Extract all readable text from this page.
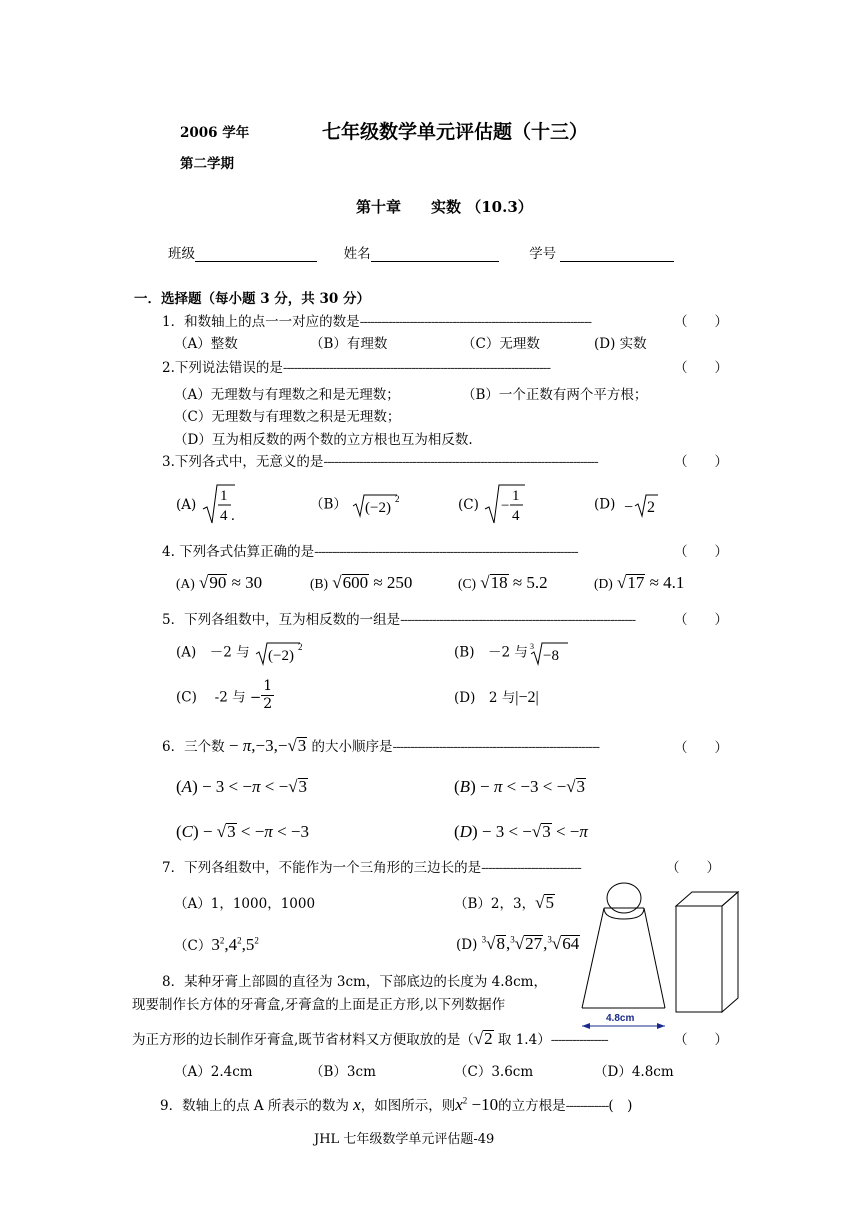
2006 学年
第二学期
七年级数学单元评估题（十三）
第十章　　实数 （10.3）
班级	姓名	学号
一．选择题（每小题 3 分，共 30 分）
1．和数轴上的点一一对应的数是-----------------------------------------------------------------	（　　）
（A）整数	（B）有理数	（C）无理数	(D) 实数
2.下列说法错误的是---------------------------------------------------------------------------	（　　）
（A）无理数与有理数之和是无理数；	（B）一个正数有两个平方根；
（C）无理数与有理数之积是无理数；
（D）互为相反数的两个数的立方根也互为相反数.
3.下列各式中，无意义的是-----------------------------------------------------------------------------	（　　）
(A)
1
4 .
（B） (−2)
2	(C) −
1
4
(D) − 2
4. 下列各式估算正确的是--------------------------------------------------------------------------	（　　）
(A) √90 ≈ 30	(B) √600 ≈ 250	(C) √18 ≈ 5.2	(D) √17 ≈ 4.1
5．下列各组数中，互为相反数的一组是------------------------------------------------------------------	（　　）
(A)　－2 与 (−2)
2	(B)　－2 与 3
−8
(C)　 -2 与 − $\frac{1}{2}$	(D)　2 与|−2|
6．三个数 − π,−3,−√3 的大小顺序是----------------------------------------------------------	（　　）
(A) − 3 < −π < −√3	(B) − π < −3 < −√3
(C) − √3 < −π < −3	(D) − 3 < −√3 < −π
7．下列各组数中，不能作为一个三角形的三边长的是----------------------------	（　　）
（A）1，1000，1000	（B）2，3，√5
$(C)3^2,4^2,5^2$	(D) $^3$√8,$^3$√27,$^3$√64
4.8cm
8．某种牙膏上部圆的直径为 3cm，下部底边的长度为 4.8cm，
现要制作长方体的牙膏盒,牙膏盒的上面是正方形,以下列数据作
为正方形的边长制作牙膏盒,既节省材料又方便取放的是（√2 取 1.4）----------------	（　　）
（A）2.4cm	（B）3cm	（C）3.6cm	（D）4.8cm
9．数轴上的点 A 所表示的数为 x，如图所示，则$x^2 -10$的立方根是------------(　)
JHL 七年级数学单元评估题-49
